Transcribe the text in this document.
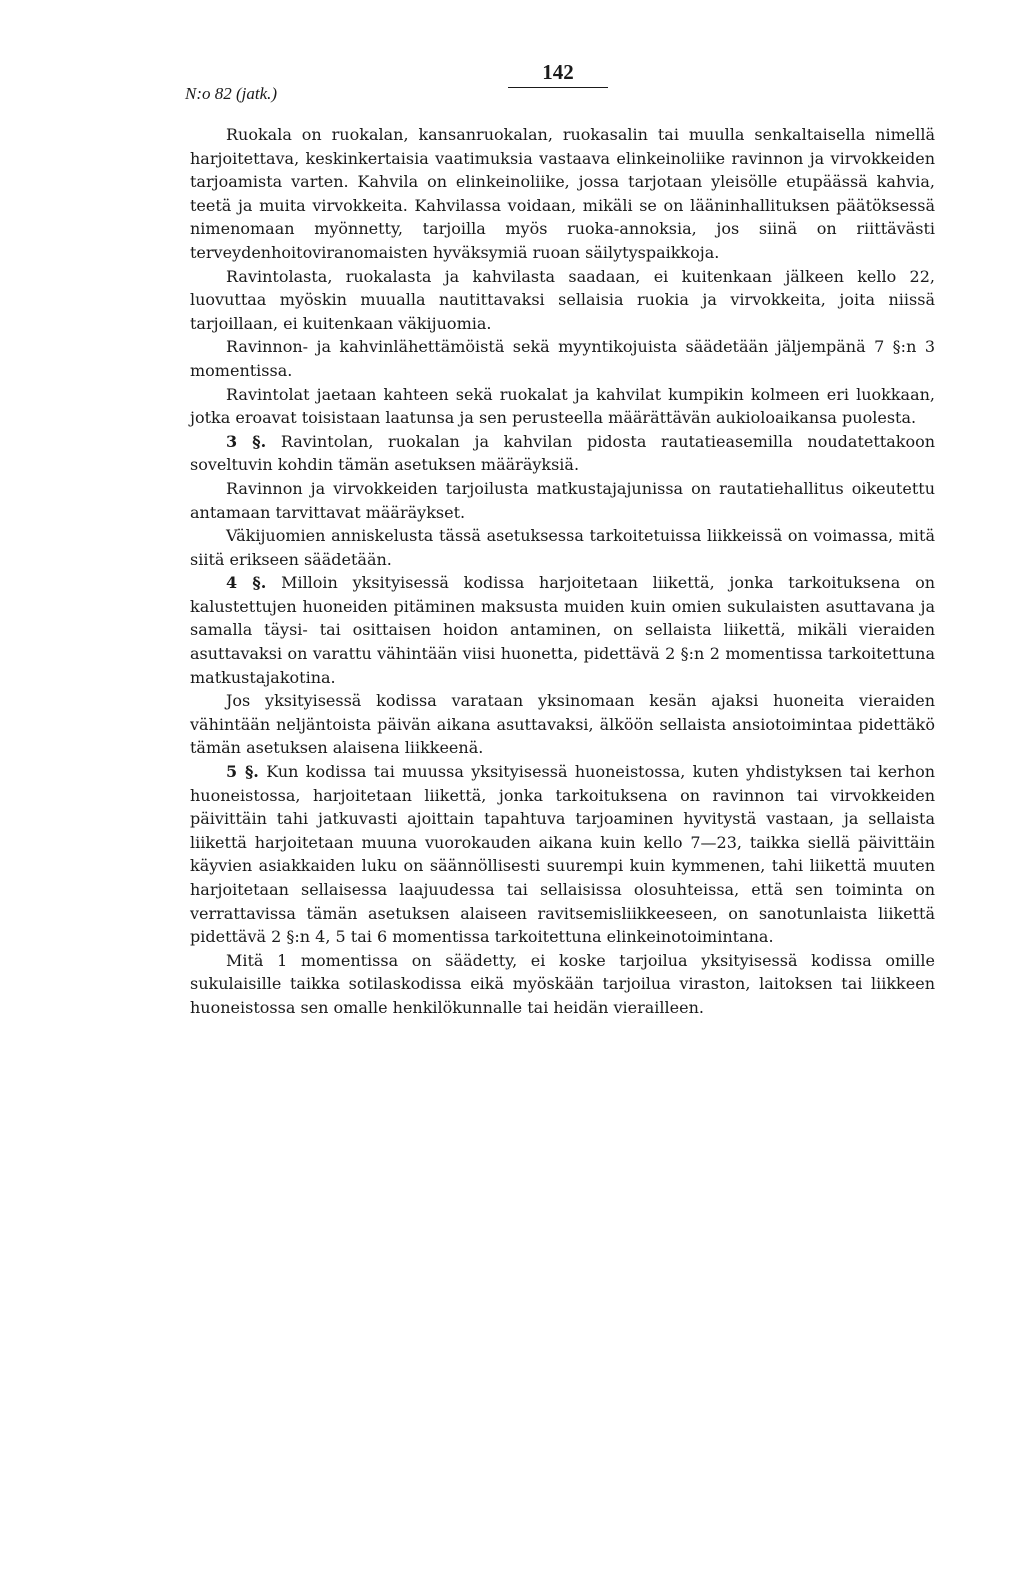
N:o 82 (jatk.)
142

Ruokala on ruokalan, kansanruokalan, ruokasalin tai muulla senkaltaisella nimellä harjoitettava, keskinkertaisia vaatimuksia vastaava elinkeinoliike ravinnon ja virvokkeiden tarjoamista varten. Kahvila on elinkeinoliike, jossa tarjotaan yleisölle etupäässä kahvia, teetä ja muita virvokkeita. Kahvilassa voidaan, mikäli se on lääninhallituksen päätöksessä nimenomaan myönnetty, tarjoilla myös ruoka-annoksia, jos siinä on riittävästi terveydenhoitoviranomaisten hyväksymiä ruoan säilytyspaikkoja.

Ravintolasta, ruokalasta ja kahvilasta saadaan, ei kuitenkaan jälkeen kello 22, luovuttaa myöskin muualla nautittavaksi sellaisia ruokia ja virvokkeita, joita niissä tarjoillaan, ei kuitenkaan väkijuomia.

Ravinnon- ja kahvinlähettämöistä sekä myyntikojuista säädetään jäljempänä 7 §:n 3 momentissa.

Ravintolat jaetaan kahteen sekä ruokalat ja kahvilat kumpikin kolmeen eri luokkaan, jotka eroavat toisistaan laatunsa ja sen perusteella määrättävän aukioloaikansa puolesta.

3 §. Ravintolan, ruokalan ja kahvilan pidosta rautatieasemilla noudatettakoon soveltuvin kohdin tämän asetuksen määräyksiä.

Ravinnon ja virvokkeiden tarjoilusta matkustajajunissa on rautatiehallitus oikeutettu antamaan tarvittavat määräykset.

Väkijuomien anniskelusta tässä asetuksessa tarkoitetuissa liikkeissä on voimassa, mitä siitä erikseen säädetään.

4 §. Milloin yksityisessä kodissa harjoitetaan liikettä, jonka tarkoituksena on kalustettujen huoneiden pitäminen maksusta muiden kuin omien sukulaisten asuttavana ja samalla täysi- tai osittaisen hoidon antaminen, on sellaista liikettä, mikäli vieraiden asuttavaksi on varattu vähintään viisi huonetta, pidettävä 2 §:n 2 momentissa tarkoitettuna matkustajakotina.

Jos yksityisessä kodissa varataan yksinomaan kesän ajaksi huoneita vieraiden vähintään neljäntoista päivän aikana asuttavaksi, älköön sellaista ansiotoimintaa pidettäkö tämän asetuksen alaisena liikkeenä.

5 §. Kun kodissa tai muussa yksityisessä huoneistossa, kuten yhdistyksen tai kerhon huoneistossa, harjoitetaan liikettä, jonka tarkoituksena on ravinnon tai virvokkeiden päivittäin tahi jatkuvasti ajoittain tapahtuva tarjoaminen hyvitystä vastaan, ja sellaista liikettä harjoitetaan muuna vuorokauden aikana kuin kello 7—23, taikka siellä päivittäin käyvien asiakkaiden luku on säännöllisesti suurempi kuin kymmenen, tahi liikettä muuten harjoitetaan sellaisessa laajuudessa tai sellaisissa olosuhteissa, että sen toiminta on verrattavissa tämän asetuksen alaiseen ravitsemisliikkeeseen, on sanotunlaista liikettä pidettävä 2 §:n 4, 5 tai 6 momentissa tarkoitettuna elinkeinotoimintana.

Mitä 1 momentissa on säädetty, ei koske tarjoilua yksityisessä kodissa omille sukulaisille taikka sotilaskodissa eikä myöskään tarjoilua viraston, laitoksen tai liikkeen huoneistossa sen omalle henkilökunnalle tai heidän vierailleen.
